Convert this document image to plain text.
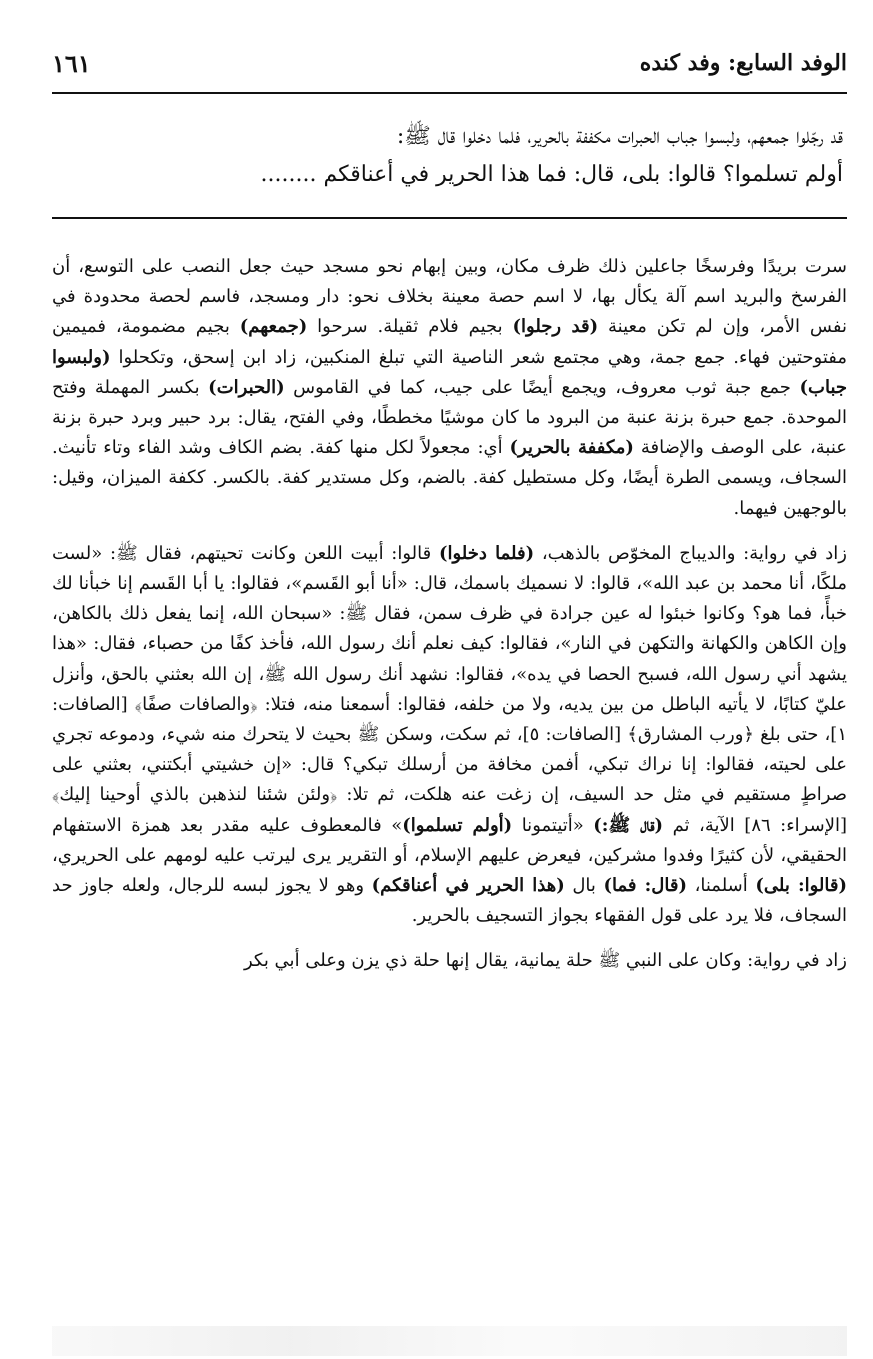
الوفد السابع: وفد كنده
١٦١

قد رجّلوا جمعهم، ولبسوا جباب الحبرات مكففة بالحرير، فلما دخلوا قال ﷺ:

أولم تسلموا؟ قالوا: بلى، قال: فما هذا الحرير في أعناقكم ........

سرت بريدًا وفرسخًا جاعلين ذلك ظرف مكان، وبين إبهام نحو مسجد حيث جعل النصب على التوسع، أن الفرسخ والبريد اسم آلة يكأل بها، لا اسم حصة معينة بخلاف نحو: دار ومسجد، فاسم لحصة محدودة في نفس الأمر، وإن لم تكن معينة (قد رجلوا) بجيم فلام ثقيلة. سرحوا (جمعهم) بجيم مضمومة، فميمين مفتوحتين فهاء. جمع جمة، وهي مجتمع شعر الناصية التي تبلغ المنكبين، زاد ابن إسحق، وتكحلوا (ولبسوا جباب) جمع جبة ثوب معروف، ويجمع أيضًا على جيب، كما في القاموس (الحبرات) بكسر المهملة وفتح الموحدة. جمع حبرة بزنة عنبة من البرود ما كان موشيًا مخططًا، وفي الفتح، يقال: برد حبير وبرد حبرة بزنة عنبة، على الوصف والإضافة (مكففة بالحرير) أي: مجعولاً لكل منها كفة. بضم الكاف وشد الفاء وتاء تأنيث. السجاف، ويسمى الطرة أيضًا، وكل مستطيل كفة. بالضم، وكل مستدير كفة. بالكسر. ككفة الميزان، وقيل: بالوجهين فيهما.

زاد في رواية: والديباج المخوّص بالذهب، (فلما دخلوا) قالوا: أبيت اللعن وكانت تحيتهم، فقال ﷺ: «لست ملكًا، أنا محمد بن عبد الله»، قالوا: لا نسميك باسمك، قال: «أنا أبو القَسم»، فقالوا: يا أبا القَسم إنا خبأنا لك خبأً، فما هو؟ وكانوا خبئوا له عين جرادة في ظرف سمن، فقال ﷺ: «سبحان الله، إنما يفعل ذلك بالكاهن، وإن الكاهن والكهانة والتكهن في النار»، فقالوا: كيف نعلم أنك رسول الله، فأخذ كفًا من حصباء، فقال: «هذا يشهد أني رسول الله، فسبح الحصا في يده»، فقالوا: نشهد أنك رسول الله ﷺ، إن الله بعثني بالحق، وأنزل عليّ كتابًا، لا يأتيه الباطل من بين يديه، ولا من خلفه، فقالوا: أسمعنا منه، فتلا: ﴿والصافات صفًا﴾ [الصافات: ١]، حتى بلغ ﴿ورب المشارق﴾ [الصافات: ٥]، ثم سكت، وسكن ﷺ بحيث لا يتحرك منه شيء، ودموعه تجري على لحيته، فقالوا: إنا نراك تبكي، أفمن مخافة من أرسلك تبكي؟ قال: «إن خشيتي أبكتني، بعثني على صراطٍ مستقيم في مثل حد السيف، إن زغت عنه هلكت، ثم تلا: ﴿ولئن شئنا لنذهبن بالذي أوحينا إليك﴾ [الإسراء: ٨٦] الآية، ثم (قال ﷺ:) «أتيتمونا (أولم تسلموا)» فالمعطوف عليه مقدر بعد همزة الاستفهام الحقيقي، لأن كثيرًا وفدوا مشركين، فيعرض عليهم الإسلام، أو التقرير يرى ليرتب عليه لومهم على الحريري، (قالوا: بلى) أسلمنا، (قال: فما) بال (هذا الحرير في أعناقكم) وهو لا يجوز لبسه للرجال، ولعله جاوز حد السجاف، فلا يرد على قول الفقهاء بجواز التسجيف بالحرير.

زاد في رواية: وكان على النبي ﷺ حلة يمانية، يقال إنها حلة ذي يزن وعلى أبي بكر
